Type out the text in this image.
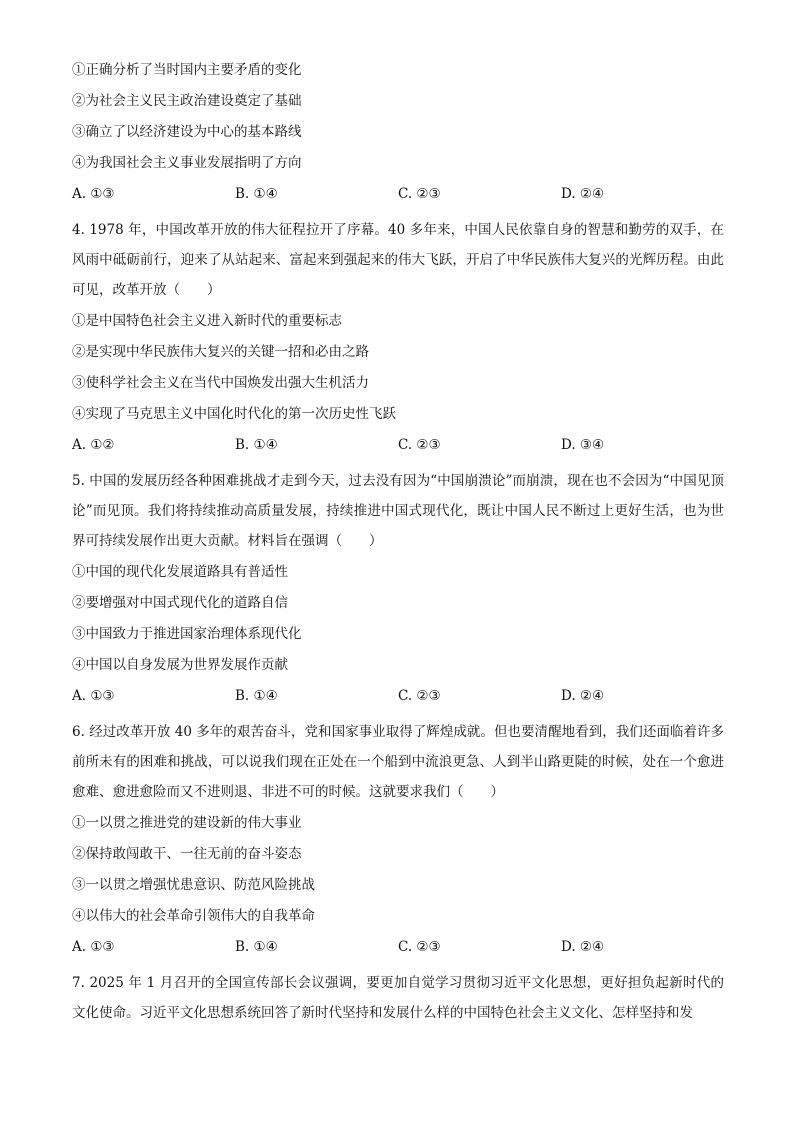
①正确分析了当时国内主要矛盾的变化
②为社会主义民主政治建设奠定了基础
③确立了以经济建设为中心的基本路线
④为我国社会主义事业发展指明了方向
A. ①③	B. ①④	C. ②③	D. ②④
4. 1978 年，中国改革开放的伟大征程拉开了序幕。40 多年来，中国人民依靠自身的智慧和勤劳的双手，在风雨中砥砺前行，迎来了从站起来、富起来到强起来的伟大飞跃，开启了中华民族伟大复兴的光辉历程。由此可见，改革开放（　　）
①是中国特色社会主义进入新时代的重要标志
②是实现中华民族伟大复兴的关键一招和必由之路
③使科学社会主义在当代中国焕发出强大生机活力
④实现了马克思主义中国化时代化的第一次历史性飞跃
A. ①②	B. ①④	C. ②③	D. ③④
5. 中国的发展历经各种困难挑战才走到今天，过去没有因为“中国崩溃论”而崩溃，现在也不会因为“中国见顶论”而见顶。我们将持续推动高质量发展，持续推进中国式现代化，既让中国人民不断过上更好生活，也为世界可持续发展作出更大贡献。材料旨在强调（　　）
①中国的现代化发展道路具有普适性
②要增强对中国式现代化的道路自信
③中国致力于推进国家治理体系现代化
④中国以自身发展为世界发展作贡献
A. ①③	B. ①④	C. ②③	D. ②④
6. 经过改革开放 40 多年的艰苦奋斗，党和国家事业取得了辉煌成就。但也要清醒地看到，我们还面临着许多前所未有的困难和挑战，可以说我们现在正处在一个船到中流浪更急、人到半山路更陡的时候，处在一个愈进愈难、愈进愈险而又不进则退、非进不可的时候。这就要求我们（　　）
①一以贯之推进党的建设新的伟大事业
②保持敢闯敢干、一往无前的奋斗姿态
③一以贯之增强忧患意识、防范风险挑战
④以伟大的社会革命引领伟大的自我革命
A. ①③	B. ①④	C. ②③	D. ②④
7. 2025 年 1 月召开的全国宣传部长会议强调，要更加自觉学习贯彻习近平文化思想，更好担负起新时代的文化使命。习近平文化思想系统回答了新时代坚持和发展什么样的中国特色社会主义文化、怎样坚持和发
